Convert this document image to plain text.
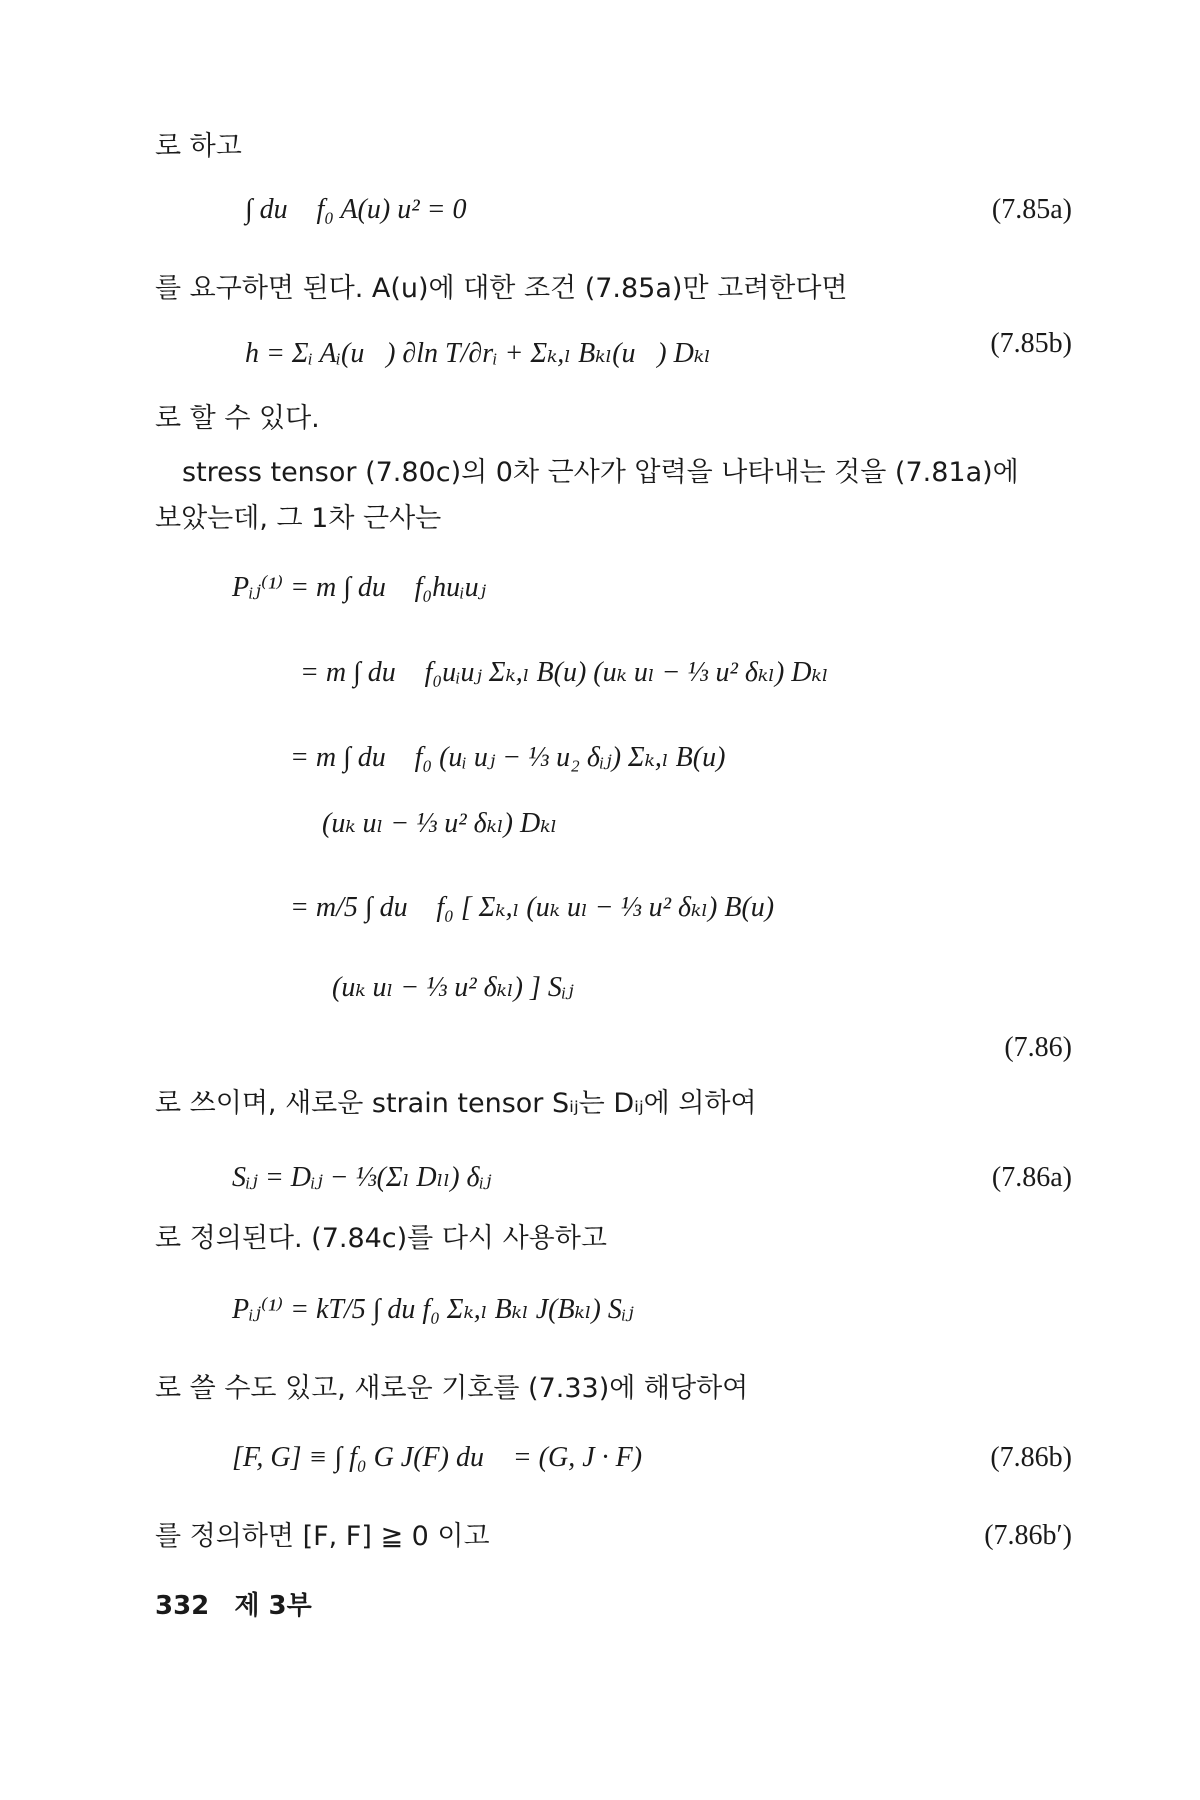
로 하고
∫ du⃗ f₀ A(u) u² = 0	(7.85a)
를 요구하면 된다. A(u)에 대한 조건 (7.85a)만 고려한다면
h = Σᵢ Aᵢ(u⃗) ∂ln T/∂rᵢ + Σₖ,ₗ Bₖₗ(u⃗) Dₖₗ	(7.85b)
로 할 수 있다.
stress tensor (7.80c)의 0차 근사가 압력을 나타내는 것을 (7.81a)에
보았는데, 그 1차 근사는
Pᵢⱼ⁽¹⁾ = m ∫ du⃗ f₀huᵢuⱼ
= m ∫ du⃗ f₀uᵢuⱼ Σₖ,ₗ B(u) (uₖ uₗ − ⅓ u² δₖₗ) Dₖₗ
= m ∫ du⃗ f₀ (uᵢ uⱼ − ⅓ u₂ δᵢⱼ) Σₖ,ₗ B(u)
(uₖ uₗ − ⅓ u² δₖₗ) Dₖₗ
= m/5 ∫ du⃗ f₀ [ Σₖ,ₗ (uₖ uₗ − ⅓ u² δₖₗ) B(u)
(uₖ uₗ − ⅓ u² δₖₗ) ] Sᵢⱼ
(7.86)
로 쓰이며, 새로운 strain tensor Sᵢⱼ는 Dᵢⱼ에 의하여
Sᵢⱼ = Dᵢⱼ − ⅓(Σₗ Dₗₗ) δᵢⱼ	(7.86a)
로 정의된다. (7.84c)를 다시 사용하고
Pᵢⱼ⁽¹⁾ = kT/5 ∫ du f₀ Σₖ,ₗ Bₖₗ J(Bₖₗ) Sᵢⱼ
로 쓸 수도 있고, 새로운 기호를 (7.33)에 해당하여
[F, G] ≡ ∫ f₀ G J(F) du⃗ = (G, J · F)	(7.86b)
를 정의하면 [F, F] ≧ 0 이고	(7.86b′)
332 제 3부
